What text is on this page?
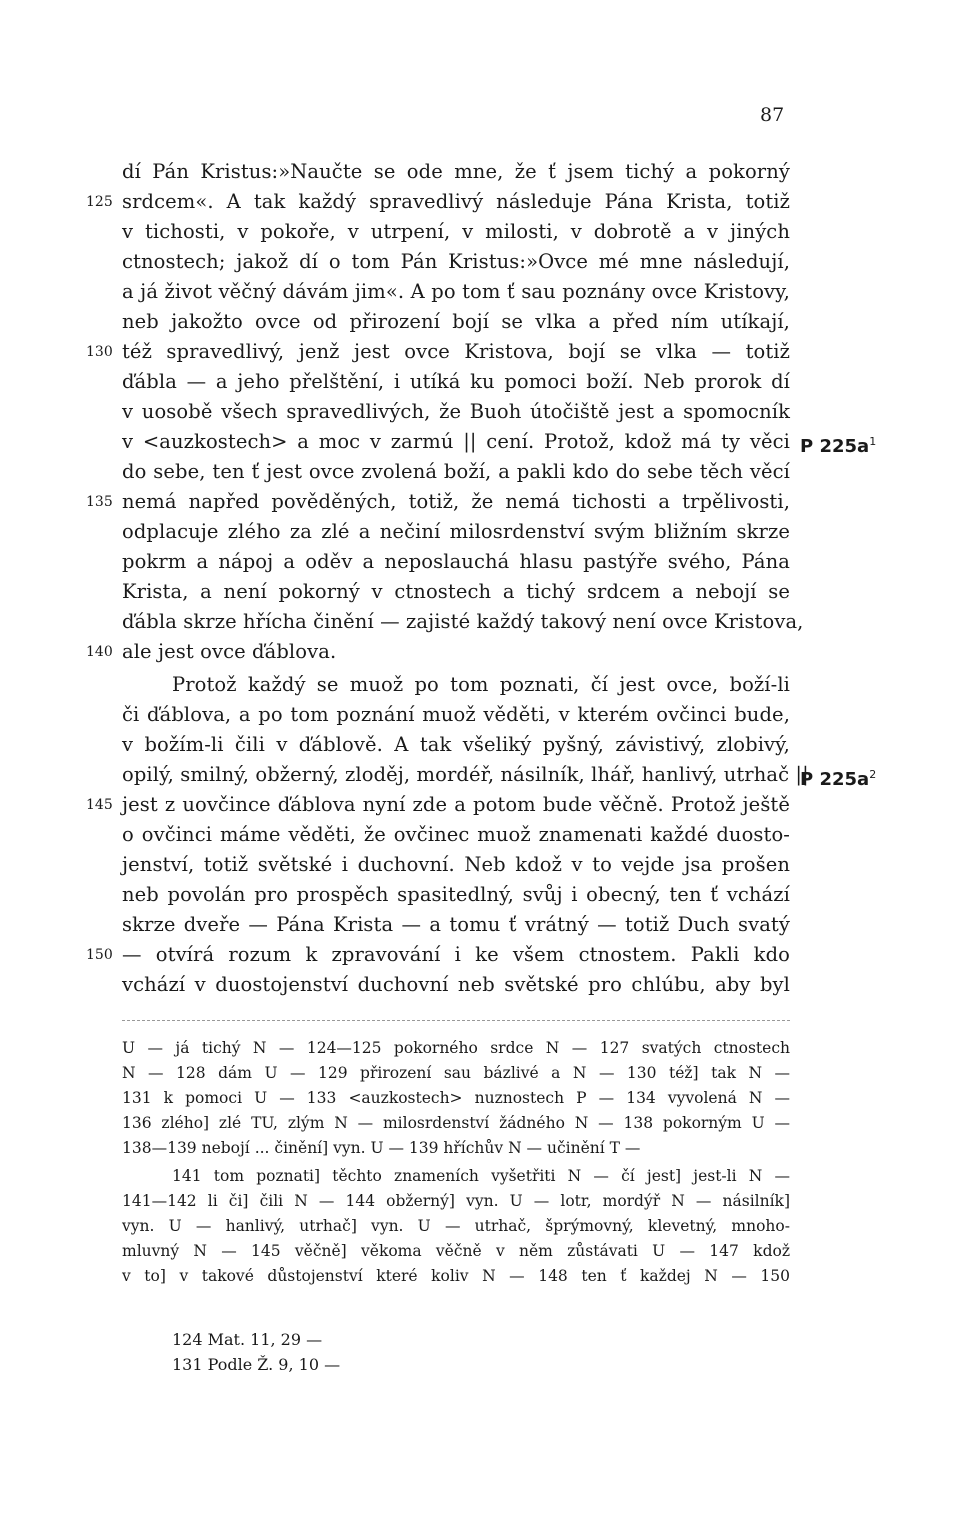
87
dí Pán Kristus:»Naučte se ode mne, že ť jsem tichý a pokorný
srdcem«. A tak každý spravedlivý následuje Pána Krista, totiž
v tichosti, v pokoře, v utrpení, v milosti, v dobrotě a v jiných
ctnostech; jakož dí o tom Pán Kristus:»Ovce mé mne následují,
a já život věčný dávám jim«. A po tom ť sau poznány ovce Kristovy,
neb jakožto ovce od přirození bojí se vlka a před ním utíkají,
též spravedlivý, jenž jest ovce Kristova, bojí se vlka — totiž
ďábla — a jeho přelštění, i utíká ku pomoci boží. Neb prorok dí
v uosobě všech spravedlivých, že Buoh útočiště jest a spomocník
v <auzkostech> a moc v zarmú || cení. Protož, kdož má ty věci
do sebe, ten ť jest ovce zvolená boží, a pakli kdo do sebe těch věcí
nemá napřed pověděných, totiž, že nemá tichosti a trpělivosti,
odplacuje zlého za zlé a nečiní milosrdenství svým bližním skrze
pokrm a nápoj a oděv a neposlauchá hlasu pastýře svého, Pána
Krista, a není pokorný v ctnostech a tichý srdcem a nebojí se
ďábla skrze hřícha činění — zajisté každý takový není ovce Kristova,
ale jest ovce ďáblova.
Protož každý se muož po tom poznati, čí jest ovce, boží-li
či ďáblova, a po tom poznání muož věděti, v kterém ovčinci bude,
v božím-li čili v ďáblově. A tak všeliký pyšný, závistivý, zlobivý,
opilý, smilný, obžerný, zloděj, mordéř, násilník, lhář, hanlivý, utrhač ||
jest z uovčince ďáblova nyní zde a potom bude věčně. Protož ještě
o ovčinci máme věděti, že ovčinec muož znamenati každé duosto-
jenství, totiž světské i duchovní. Neb kdož v to vejde jsa prošen
neb povolán pro prospěch spasitedlný, svůj i obecný, ten ť vchází
skrze dveře — Pána Krista — a tomu ť vrátný — totiž Duch svatý
— otvírá rozum k zpravování i ke všem ctnostem. Pakli kdo
vchází v duostojenství duchovní neb světské pro chlúbu, aby byl
125
130
135
140
145
150
P $225a^1$
P $225a^2$
U — já tichý N — 124—125 pokorného srdce N — 127 svatých ctnostech
N — 128 dám U — 129 přirození sau bázlivé a N — 130 též] tak N —
131 k pomoci U — 133 <auzkostech> nuznostech P — 134 vyvolená N —
136 zlého] zlé TU, zlým N — milosrdenství žádného N — 138 pokorným U —
138—139 nebojí ... činění] vyn. U — 139 hříchův N — učinění T —
141 tom poznati] těchto znameních vyšetřiti N — čí jest] jest-li N —
141—142 li či] čili N — 144 obžerný] vyn. U — lotr, mordýř N — násilník]
vyn. U — hanlivý, utrhač] vyn. U — utrhač, šprýmovný, klevetný, mnoho-
mluvný N — 145 věčně] věkoma věčně v něm zůstávati U — 147 kdož
v to] v takové důstojenství které koliv N — 148 ten ť každej N — 150
124 Mat. 11, 29 —
131 Podle Ž. 9, 10 —
